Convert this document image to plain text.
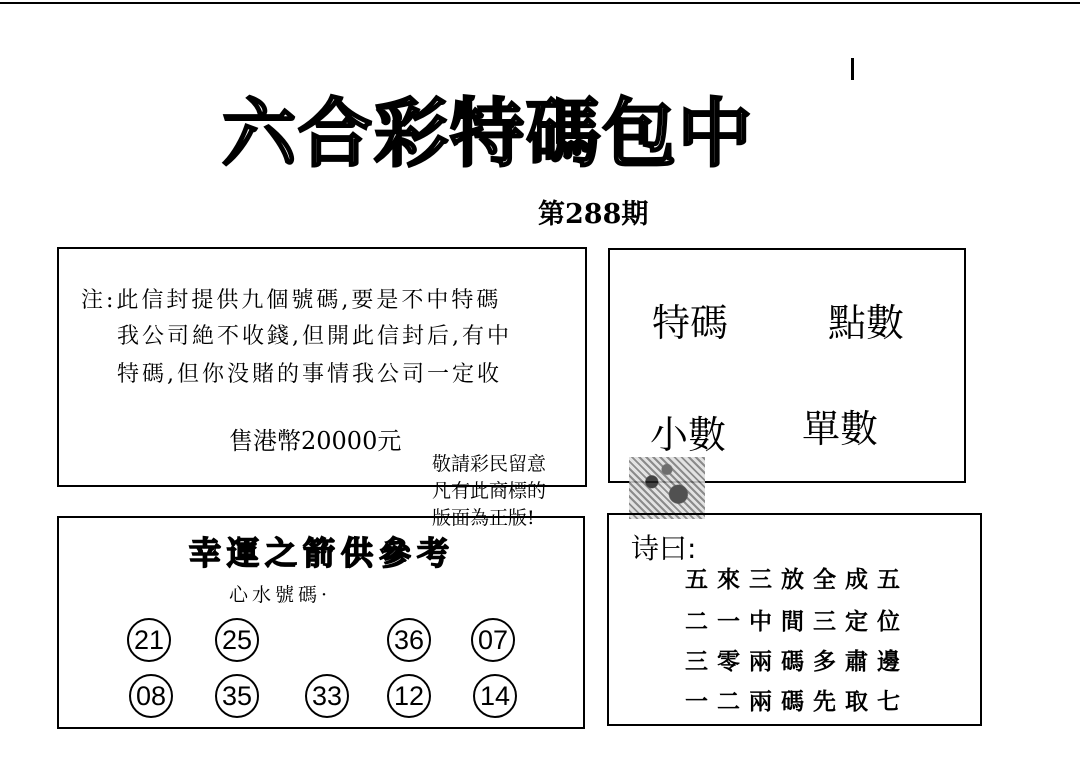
六合彩特碼包中
第288期
注:此信封提供九個號碼,要是不中特碼
我公司絶不收錢,但開此信封后,有中
特碼,但你没賭的事情我公司一定收
售港幣20000元
特碼	點數
小數 單數
敬請彩民留意
凡有此商標的
版面為正版!
幸運之箭供參考
心水號碼·
21 25	36 07
08 35 33 12 14
诗曰:
五來三放全成五
二一中間三定位
三零兩碼多肅邊
一二兩碼先取七
